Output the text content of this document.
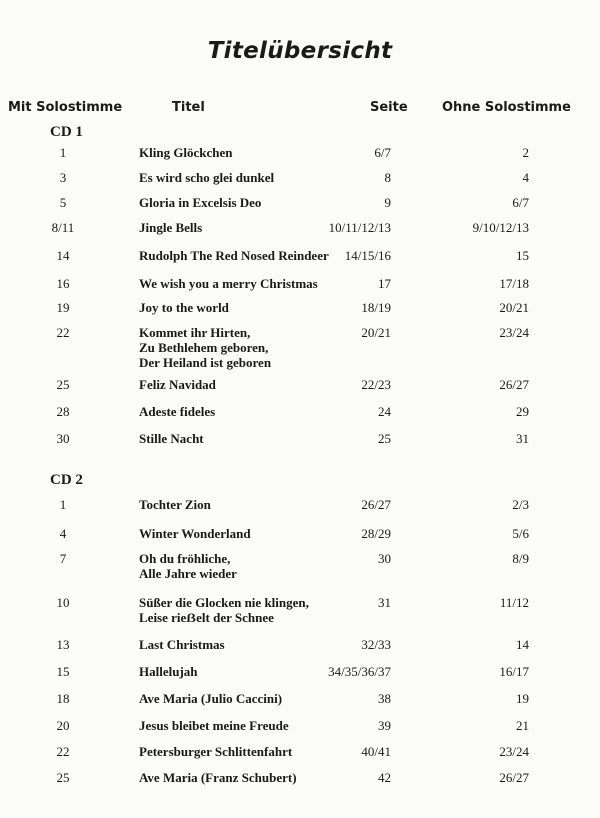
Titelübersicht
Mit Solostimme	Titel	Seite	Ohne Solostimme
CD 1
1	Kling Glöckchen	6/7	2
3	Es wird scho glei dunkel	8	4
5	Gloria in Excelsis Deo	9	6/7
8/11	Jingle Bells	10/11/12/13	9/10/12/13
14	Rudolph The Red Nosed Reindeer 14/15/16	15
16	We wish you a merry Christmas	17	17/18
19	Joy to the world	18/19	20/21
22	Kommet ihr Hirten,
Zu Bethlehem geboren,
Der Heiland ist geboren
20/21	23/24
25	Feliz Navidad	22/23	26/27
28	Adeste fideles	24	29
30	Stille Nacht	25	31
CD 2
1	Tochter Zion	26/27	2/3
4	Winter Wonderland	28/29	5/6
7	Oh du fröhliche,
Alle Jahre wieder
30	8/9
10	Süßer die Glocken nie klingen,
Leise rieẞelt der Schnee
31	11/12
13	Last Christmas	32/33	14
15	Hallelujah	34/35/36/37	16/17
18	Ave Maria (Julio Caccini)	38	19
20	Jesus bleibet meine Freude	39	21
22	Petersburger Schlittenfahrt	40/41	23/24
25	Ave Maria (Franz Schubert)	42	26/27
